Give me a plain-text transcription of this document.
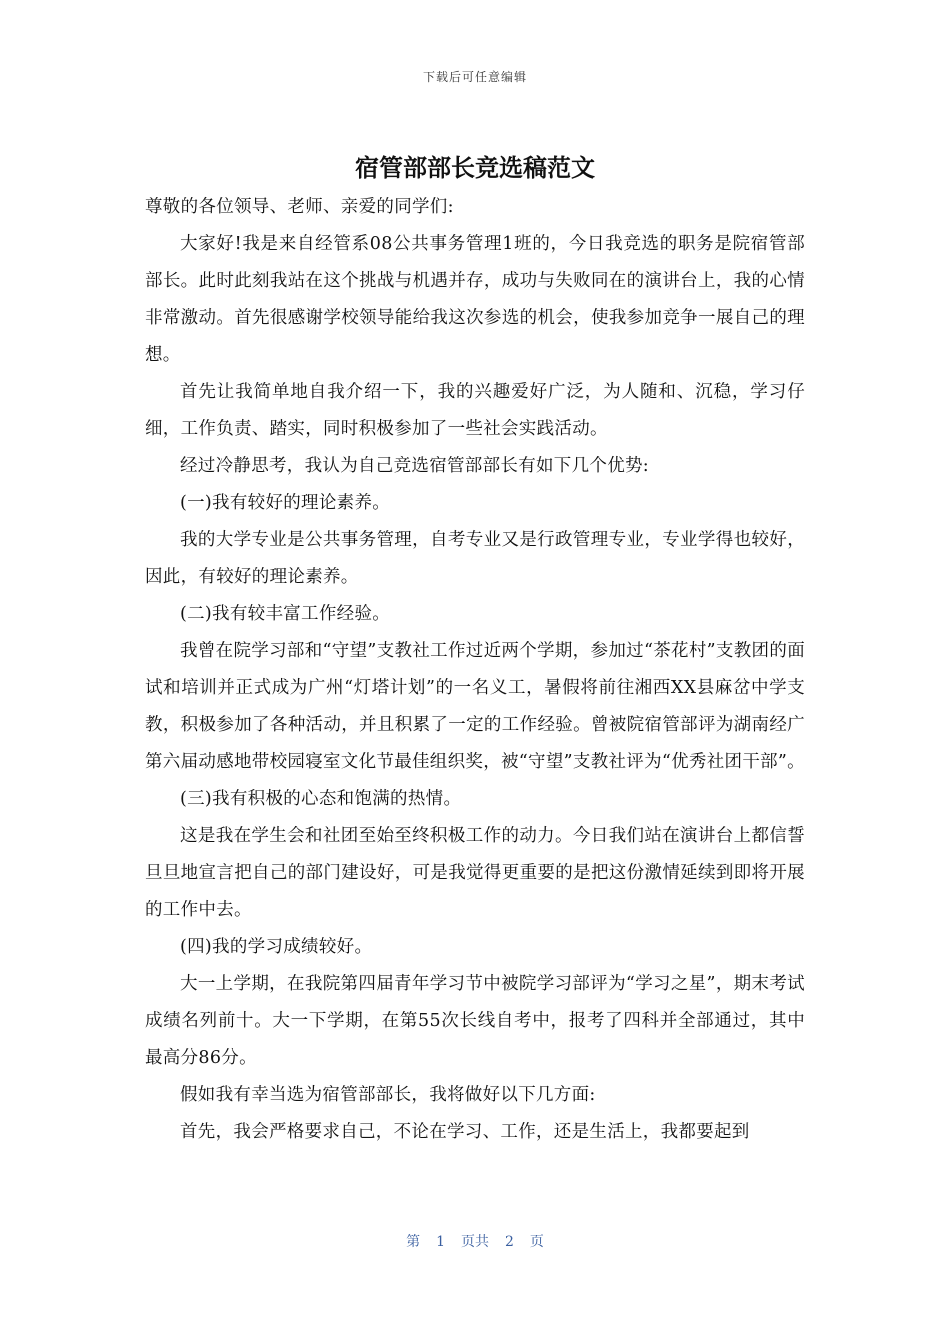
下载后可任意编辑
宿管部部长竞选稿范文

尊敬的各位领导、老师、亲爱的同学们:

大家好!我是来自经管系08公共事务管理1班的，今日我竞选的职务是院宿管部部长。此时此刻我站在这个挑战与机遇并存，成功与失败同在的演讲台上，我的心情非常激动。首先很感谢学校领导能给我这次参选的机会，使我参加竞争一展自己的理想。

首先让我简单地自我介绍一下，我的兴趣爱好广泛，为人随和、沉稳，学习仔细，工作负责、踏实，同时积极参加了一些社会实践活动。

经过冷静思考，我认为自己竞选宿管部部长有如下几个优势:

(一)我有较好的理论素养。

我的大学专业是公共事务管理，自考专业又是行政管理专业，专业学得也较好，因此，有较好的理论素养。

(二)我有较丰富工作经验。

我曾在院学习部和“守望”支教社工作过近两个学期，参加过“茶花村”支教团的面试和培训并正式成为广州“灯塔计划”的一名义工，暑假将前往湘西XX县麻岔中学支教，积极参加了各种活动，并且积累了一定的工作经验。曾被院宿管部评为湖南经广第六届动感地带校园寝室文化节最佳组织奖，被“守望”支教社评为“优秀社团干部”。

(三)我有积极的心态和饱满的热情。

这是我在学生会和社团至始至终积极工作的动力。今日我们站在演讲台上都信誓旦旦地宣言把自己的部门建设好，可是我觉得更重要的是把这份激情延续到即将开展的工作中去。

(四)我的学习成绩较好。

大一上学期，在我院第四届青年学习节中被院学习部评为“学习之星”，期末考试成绩名列前十。大一下学期，在第55次长线自考中，报考了四科并全部通过，其中最高分86分。

假如我有幸当选为宿管部部长，我将做好以下几方面:

首先，我会严格要求自己，不论在学习、工作，还是生活上，我都要起到

第 1 页共 2 页
